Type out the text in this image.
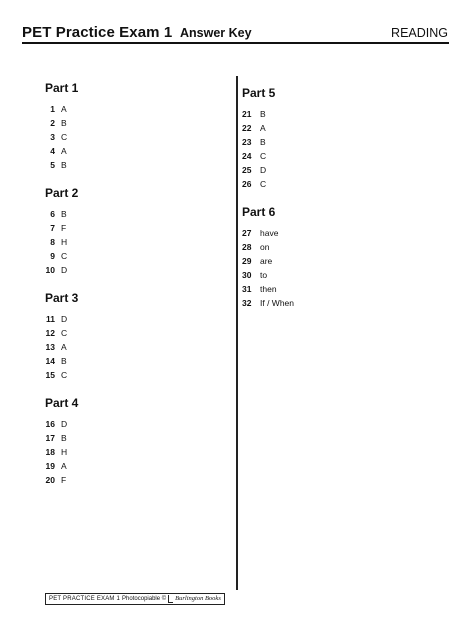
PET Practice Exam 1 Answer Key	READING
Part 1
1 A
2 B
3 C
4 A
5 B
Part 2
6 B
7 F
8 H
9 C
10 D
Part 3
11 D
12 C
13 A
14 B
15 C
Part 4
16 D
17 B
18 H
19 A
20 F
Part 5
21 B
22 A
23 B
24 C
25 D
26 C
Part 6
27 have
28 on
29 are
30 to
31 then
32 If / When
PET PRACTICE EXAM 1 Photocopiable © Burlington Books
